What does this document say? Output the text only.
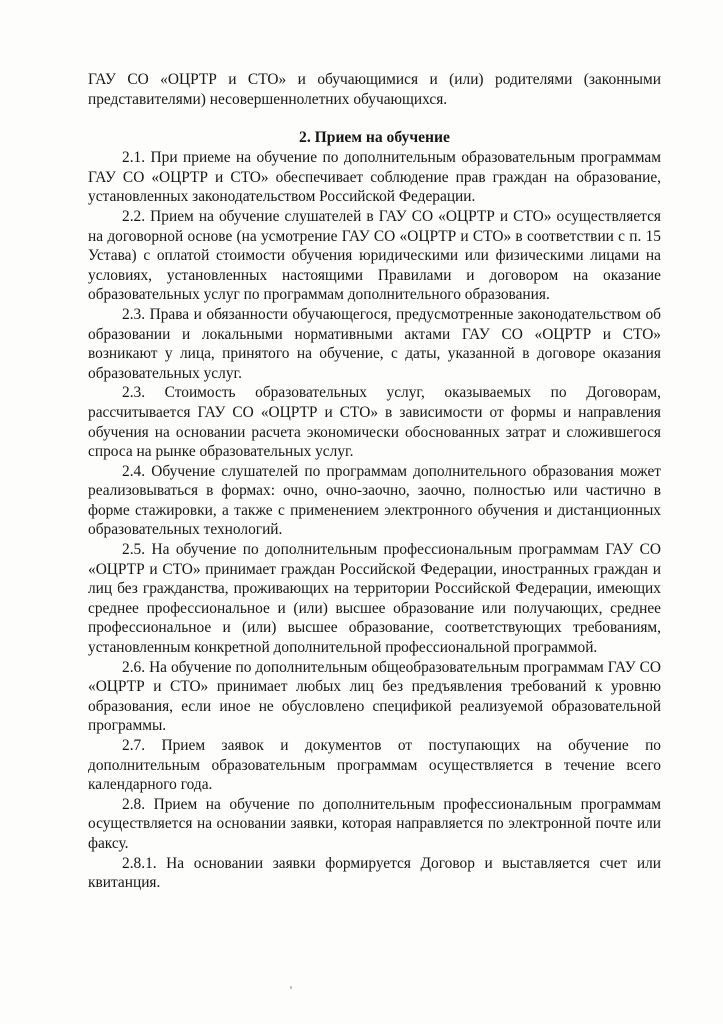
ГАУ СО «ОЦРТР и СТО» и обучающимися и (или) родителями (законными представителями) несовершеннолетних обучающихся.

2. Прием на обучение

2.1. При приеме на обучение по дополнительным образовательным программам ГАУ СО «ОЦРТР и СТО» обеспечивает соблюдение прав граждан на образование, установленных законодательством Российской Федерации.

2.2. Прием на обучение слушателей в ГАУ СО «ОЦРТР и СТО» осуществляется на договорной основе (на усмотрение ГАУ СО «ОЦРТР и СТО» в соответствии с п. 15 Устава) с оплатой стоимости обучения юридическими или физическими лицами на условиях, установленных настоящими Правилами и договором на оказание образовательных услуг по программам дополнительного образования.

2.3. Права и обязанности обучающегося, предусмотренные законодательством об образовании и локальными нормативными актами ГАУ СО «ОЦРТР и СТО» возникают у лица, принятого на обучение, с даты, указанной в договоре оказания образовательных услуг.

2.3. Стоимость образовательных услуг, оказываемых по Договорам, рассчитывается ГАУ СО «ОЦРТР и СТО» в зависимости от формы и направления обучения на основании расчета экономически обоснованных затрат и сложившегося спроса на рынке образовательных услуг.

2.4. Обучение слушателей по программам дополнительного образования может реализовываться в формах: очно, очно-заочно, заочно, полностью или частично в форме стажировки, а также с применением электронного обучения и дистанционных образовательных технологий.

2.5. На обучение по дополнительным профессиональным программам ГАУ СО «ОЦРТР и СТО» принимает граждан Российской Федерации, иностранных граждан и лиц без гражданства, проживающих на территории Российской Федерации, имеющих среднее профессиональное и (или) высшее образование или получающих, среднее профессиональное и (или) высшее образование, соответствующих требованиям, установленным конкретной дополнительной профессиональной программой.

2.6. На обучение по дополнительным общеобразовательным программам ГАУ СО «ОЦРТР и СТО» принимает любых лиц без предъявления требований к уровню образования, если иное не обусловлено спецификой реализуемой образовательной программы.

2.7. Прием заявок и документов от поступающих на обучение по дополнительным образовательным программам осуществляется в течение всего календарного года.

2.8. Прием на обучение по дополнительным профессиональным программам осуществляется на основании заявки, которая направляется по электронной почте или факсу.

2.8.1. На основании заявки формируется Договор и выставляется счет или квитанция.
